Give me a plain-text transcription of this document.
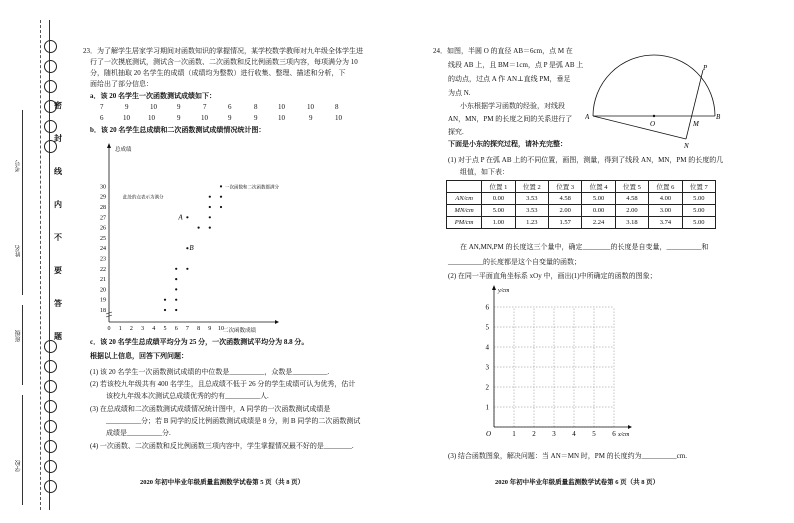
密
封
线
内
不
要
答
题
考号
姓名
班级
学校
23．为了解学生居家学习期间对函数知识的掌握情况，某学校数学教师对九年级全体学生进
行了一次摸底测试，测试含一次函数、二次函数和反比例函数三项内容，每项满分为 10
分，随机抽取 20 名学生的成绩（成绩均为整数）进行收集、整理、描述和分析，下
面给出了部分信息：
a．该 20 名学生一次函数测试成绩如下：
7	9	10	9	7	6	8	10	10	8
6	10	10	9	10	9	9	10	9	10
b．该 20 名学生总成绩和二次函数测试成绩情况统计图：
总成绩
二次函数成绩
18
19
20
21
22
23
24
25
26
27
28
29
30
0 1 2 3 4 5 6 7 8 9 10
A
B
一次函数和二次函数都满分
此处的点表示为满分
c．该 20 名学生总成绩平均分为 25 分，一次函数测试平均分为 8.8 分。
根据以上信息，回答下列问题：
(1) 该 20 名学生一次函数测试成绩的中位数是__________，众数是__________.
(2) 若该校九年级共有 400 名学生，且总成绩不低于 26 分的学生成绩可认为优秀，估计
该校九年级本次测试总成绩优秀的约有__________人.
(3) 在总成绩和二次函数测试成绩情况统计图中，A 同学的一次函数测试成绩是
__________分；若 B 同学的反比例函数测试成绩是 8 分，则 B 同学的二次函数测试
成绩是__________分.
(4) 一次函数、二次函数和反比例函数三项内容中，学生掌握情况最不好的是________.
2020 年初中毕业年级质量监测数学试卷第 5 页（共 8 页）
24．如图，半圆 O 的直径 AB＝6cm，点 M 在
线段 AB 上，且 BM＝1cm，点 P 是弧 AB 上
的动点，过点 A 作 AN⊥直线 PM，垂足
为点 N.
小东根据学习函数的经验，对线段
AN，MN，PM 的长度之间的关系进行了
探究.
A
O	M
B
P
N
下面是小东的探究过程，请补充完整：
(1) 对于点 P 在弧 AB 上的不同位置，画图，测量，得到了线段 AN，MN，PM 的长度的几
组值，如下表：
	位置 1	位置 2	位置 3	位置 4	位置 5	位置 6	位置 7
AN/cm	0.00	3.53	4.58	5.00	4.58	4.00	5.00
MN/cm	5.00	3.53	2.00	0.00	2.00	3.00	5.00
PM/cm	1.00	1.23	1.57	2.24	3.18	3.74	5.00
在 AN,MN,PM 的长度这三个量中，确定________的长度是自变量，__________和
__________的长度都是这个自变量的函数；
(2) 在同一平面直角坐标系 xOy 中，画出(1)中所确定的函数的图象；
y/cm
x/cm
O	1 2 3 4 5 6
1
2
3
4
5
6
(3) 结合函数图象，解决问题：当 AN＝MN 时，PM 的长度约为__________cm.
2020 年初中毕业年级质量监测数学试卷第 6 页（共 8 页）
